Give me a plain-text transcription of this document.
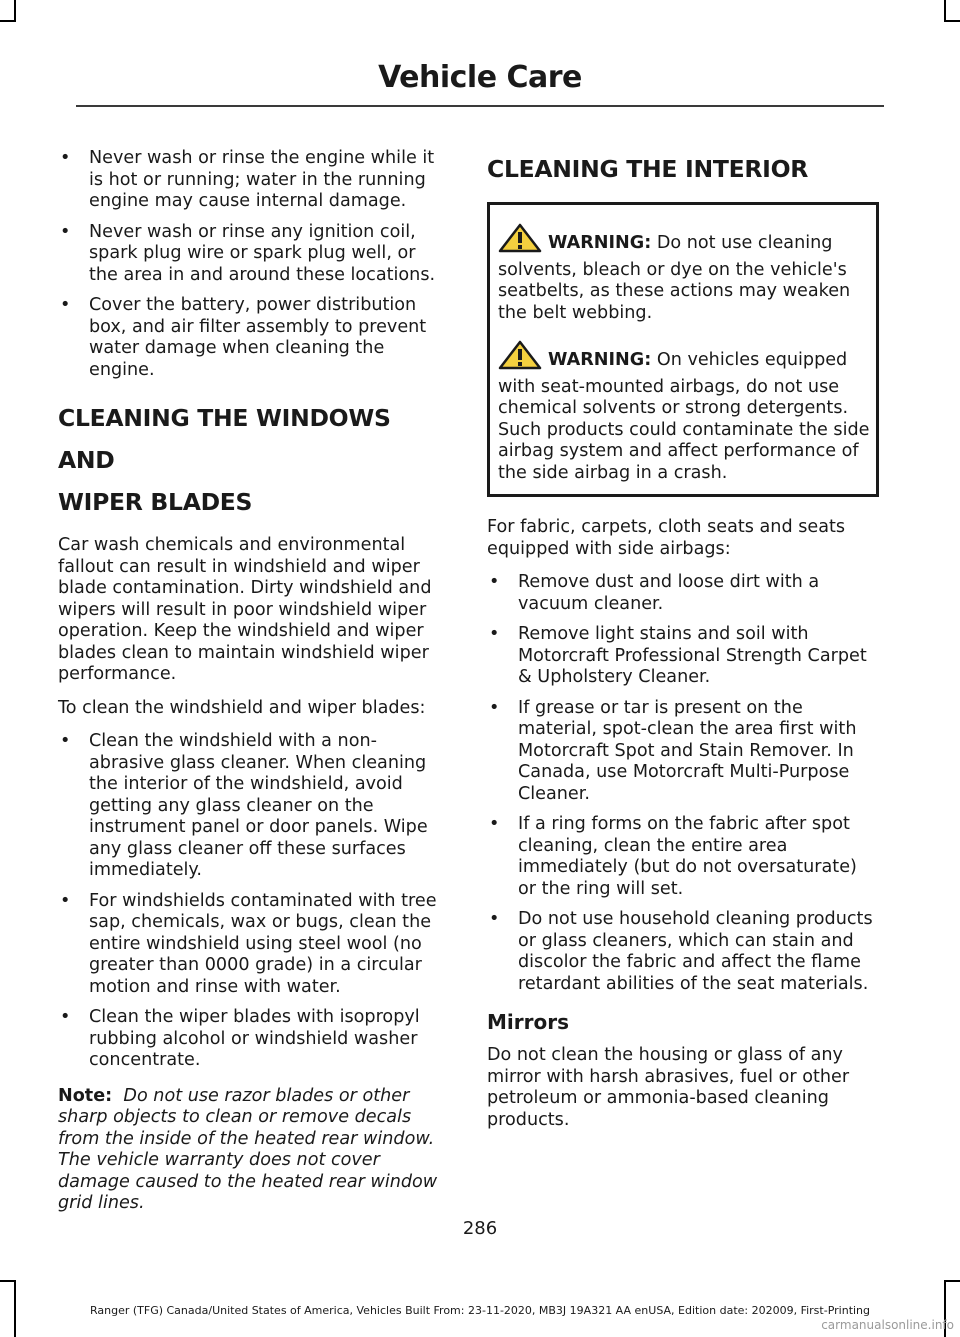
Vehicle Care
• Never wash or rinse the engine while it is hot or running; water in the running engine may cause internal damage.
• Never wash or rinse any ignition coil, spark plug wire or spark plug well, or the area in and around these locations.
• Cover the battery, power distribution box, and air filter assembly to prevent water damage when cleaning the engine.
CLEANING THE WINDOWS AND
WIPER BLADES

Car wash chemicals and environmental fallout can result in windshield and wiper blade contamination. Dirty windshield and wipers will result in poor windshield wiper operation. Keep the windshield and wiper blades clean to maintain windshield wiper performance.

To clean the windshield and wiper blades:

• Clean the windshield with a non-abrasive glass cleaner. When cleaning the interior of the windshield, avoid getting any glass cleaner on the instrument panel or door panels. Wipe any glass cleaner off these surfaces immediately.
• For windshields contaminated with tree sap, chemicals, wax or bugs, clean the entire windshield using steel wool (no greater than 0000 grade) in a circular motion and rinse with water.
• Clean the wiper blades with isopropyl rubbing alcohol or windshield washer concentrate.

Note: Do not use razor blades or other sharp objects to clean or remove decals from the inside of the heated rear window. The vehicle warranty does not cover damage caused to the heated rear window grid lines.

CLEANING THE INTERIOR

WARNING: Do not use cleaning solvents, bleach or dye on the vehicle's seatbelts, as these actions may weaken the belt webbing.

WARNING: On vehicles equipped with seat-mounted airbags, do not use chemical solvents or strong detergents. Such products could contaminate the side airbag system and affect performance of the side airbag in a crash.

For fabric, carpets, cloth seats and seats equipped with side airbags:

• Remove dust and loose dirt with a vacuum cleaner.
• Remove light stains and soil with Motorcraft Professional Strength Carpet & Upholstery Cleaner.
• If grease or tar is present on the material, spot-clean the area first with Motorcraft Spot and Stain Remover. In Canada, use Motorcraft Multi-Purpose Cleaner.
• If a ring forms on the fabric after spot cleaning, clean the entire area immediately (but do not oversaturate) or the ring will set.
• Do not use household cleaning products or glass cleaners, which can stain and discolor the fabric and affect the flame retardant abilities of the seat materials.
Mirrors

Do not clean the housing or glass of any mirror with harsh abrasives, fuel or other petroleum or ammonia-based cleaning products.

286
Ranger (TFG) Canada/United States of America, Vehicles Built From: 23-11-2020, MB3J 19A321 AA enUSA, Edition date: 202009, First-Printing
carmanualsonline.info
